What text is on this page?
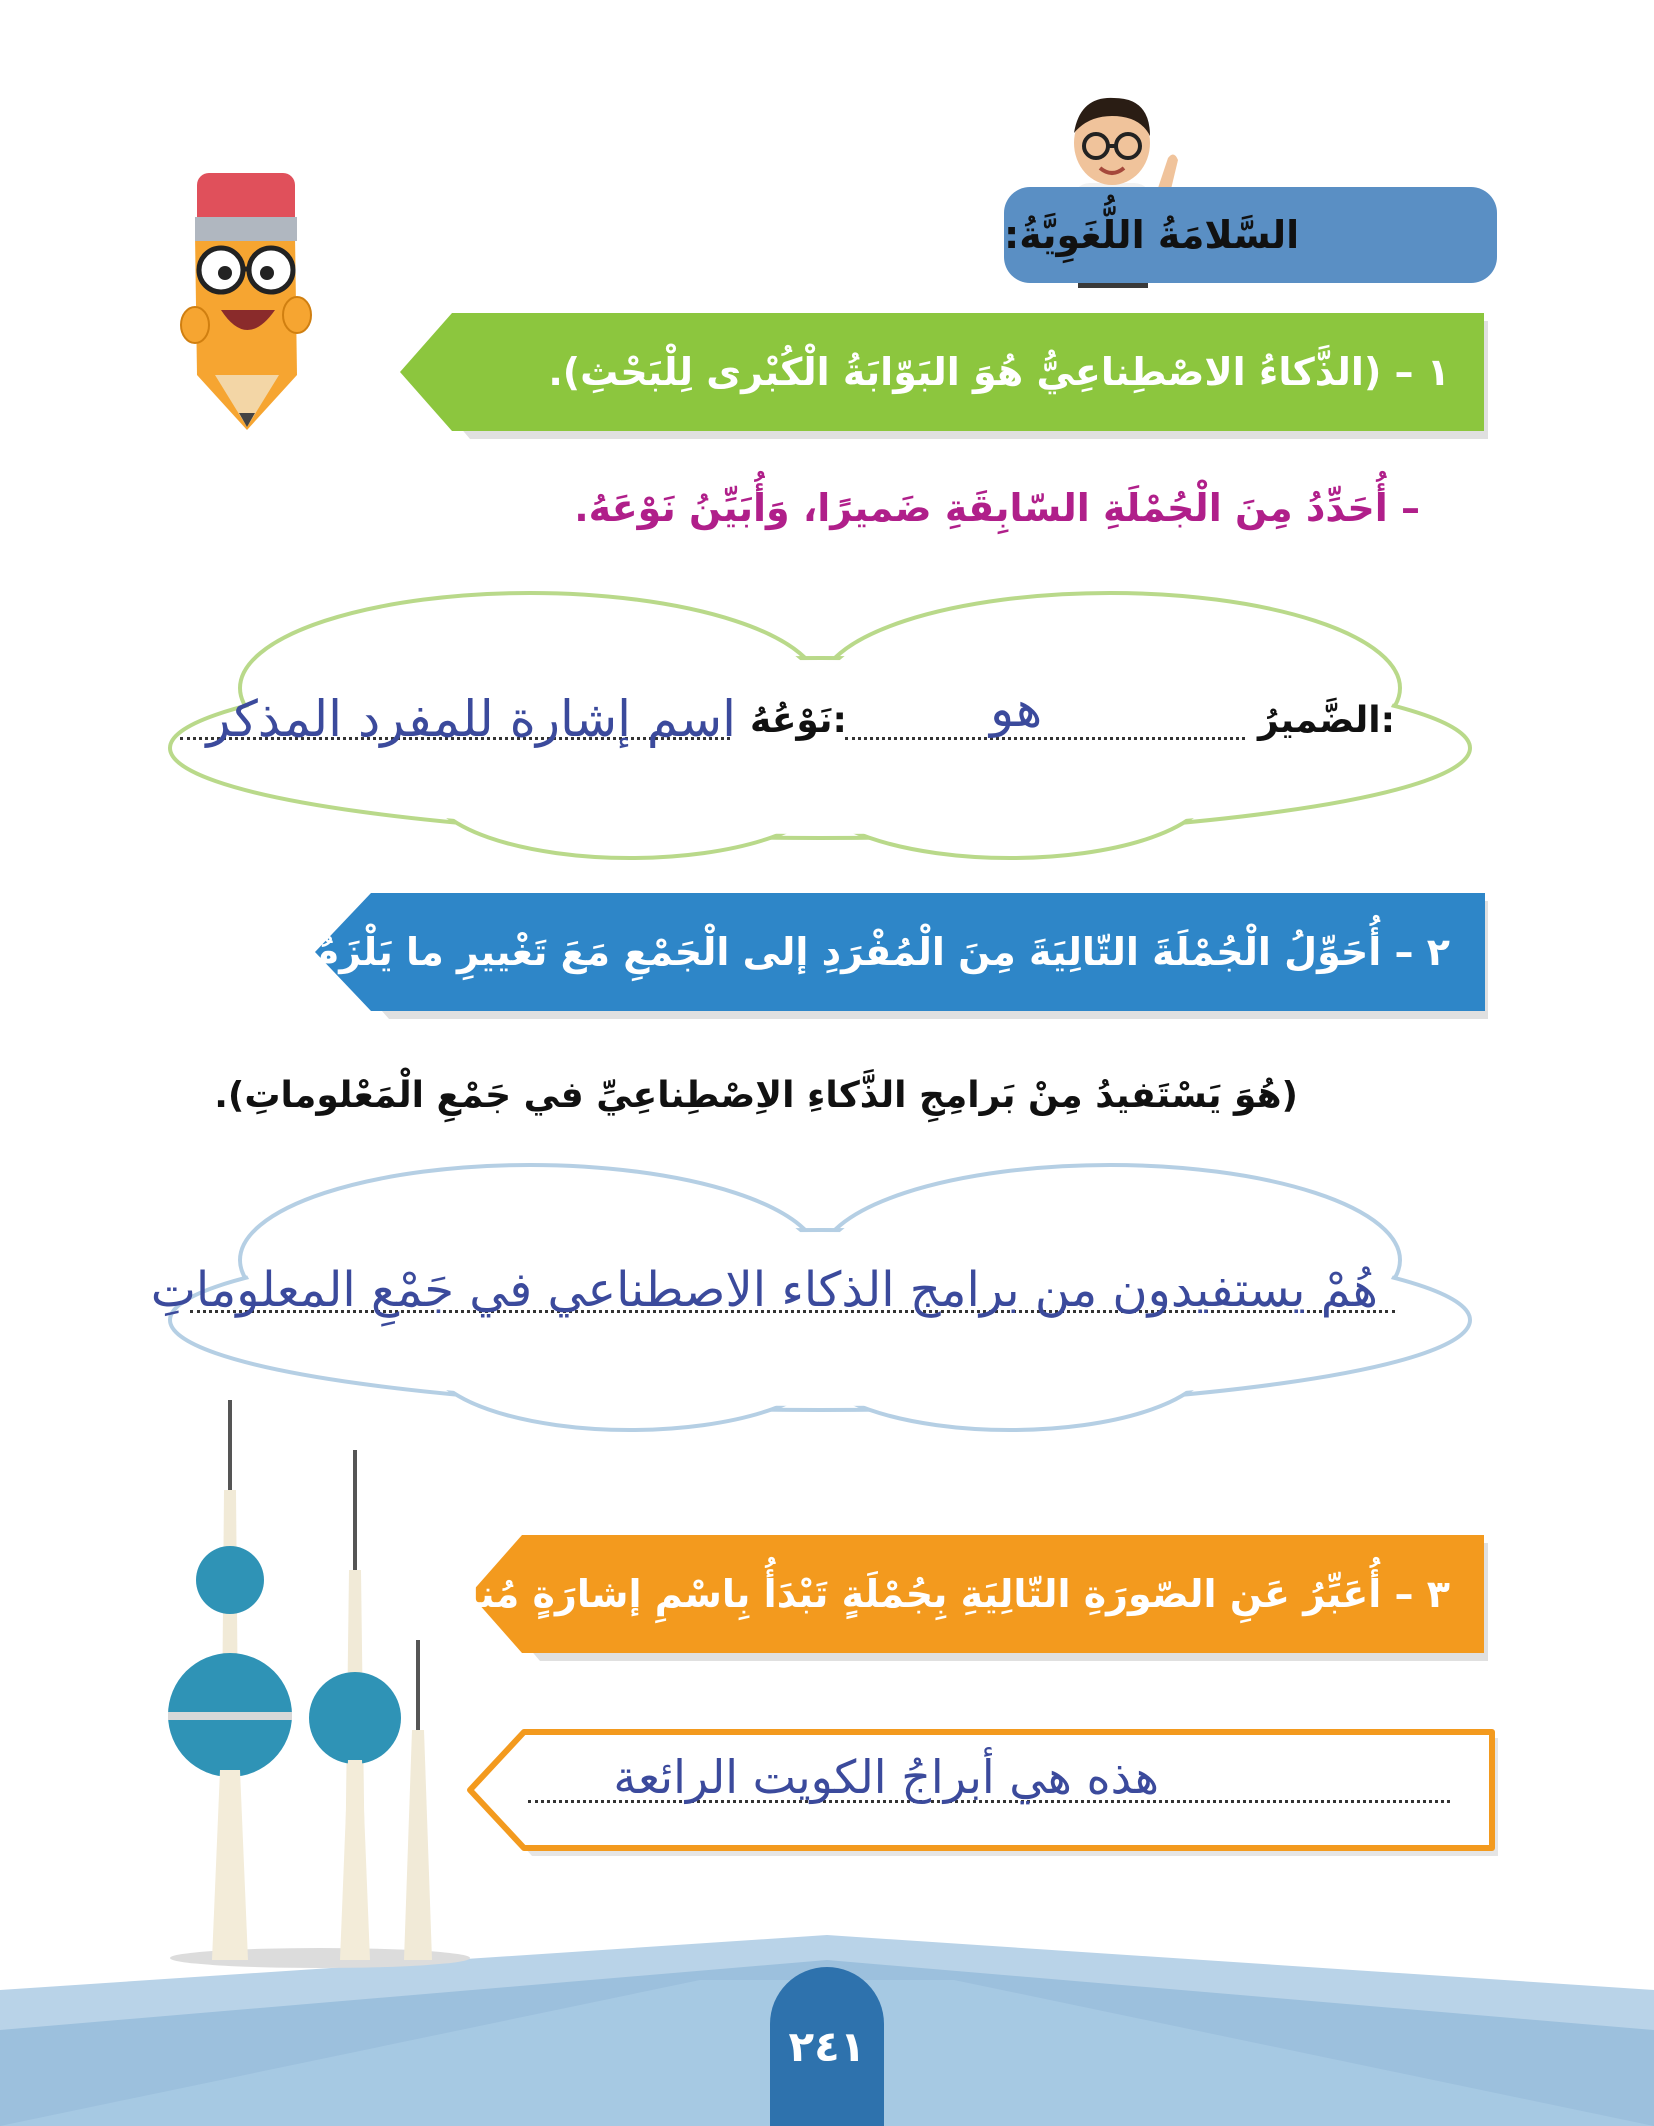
السَّلامَةُ اللُّغَوِيَّةُ:
١ – (الذَّكاءُ الاصْطِناعِيُّ هُوَ البَوّابَةُ الْكُبْرى لِلْبَحْثِ).
– أُحَدِّدُ مِنَ الْجُمْلَةِ السّابِقَةِ ضَميرًا، وَأُبَيِّنُ نَوْعَهُ.
الضَّميرُ:
هو
نَوْعُهُ:
اسم إشارة للمفرد المذكر
٢ – أُحَوِّلُ الْجُمْلَةَ التّالِيَةَ مِنَ الْمُفْرَدِ إلى الْجَمْعِ مَعَ تَغْييرِ ما يَلْزَمُ:
(هُوَ يَسْتَفيدُ مِنْ بَرامِجِ الذَّكاءِ الاِصْطِناعِيِّ في جَمْعِ الْمَعْلوماتِ).
هُمْ يستفيدون من برامج الذكاء الاصطناعي في جَمْعِ المعلوماتِ
٣ – أُعَبِّرُ عَنِ الصّورَةِ التّالِيَةِ بِجُمْلَةٍ تَبْدَأُ بِاسْمِ إشارَةٍ مُناسِبٍ:
هذه هي أبراجُ الكويت الرائعة
٢٤١
